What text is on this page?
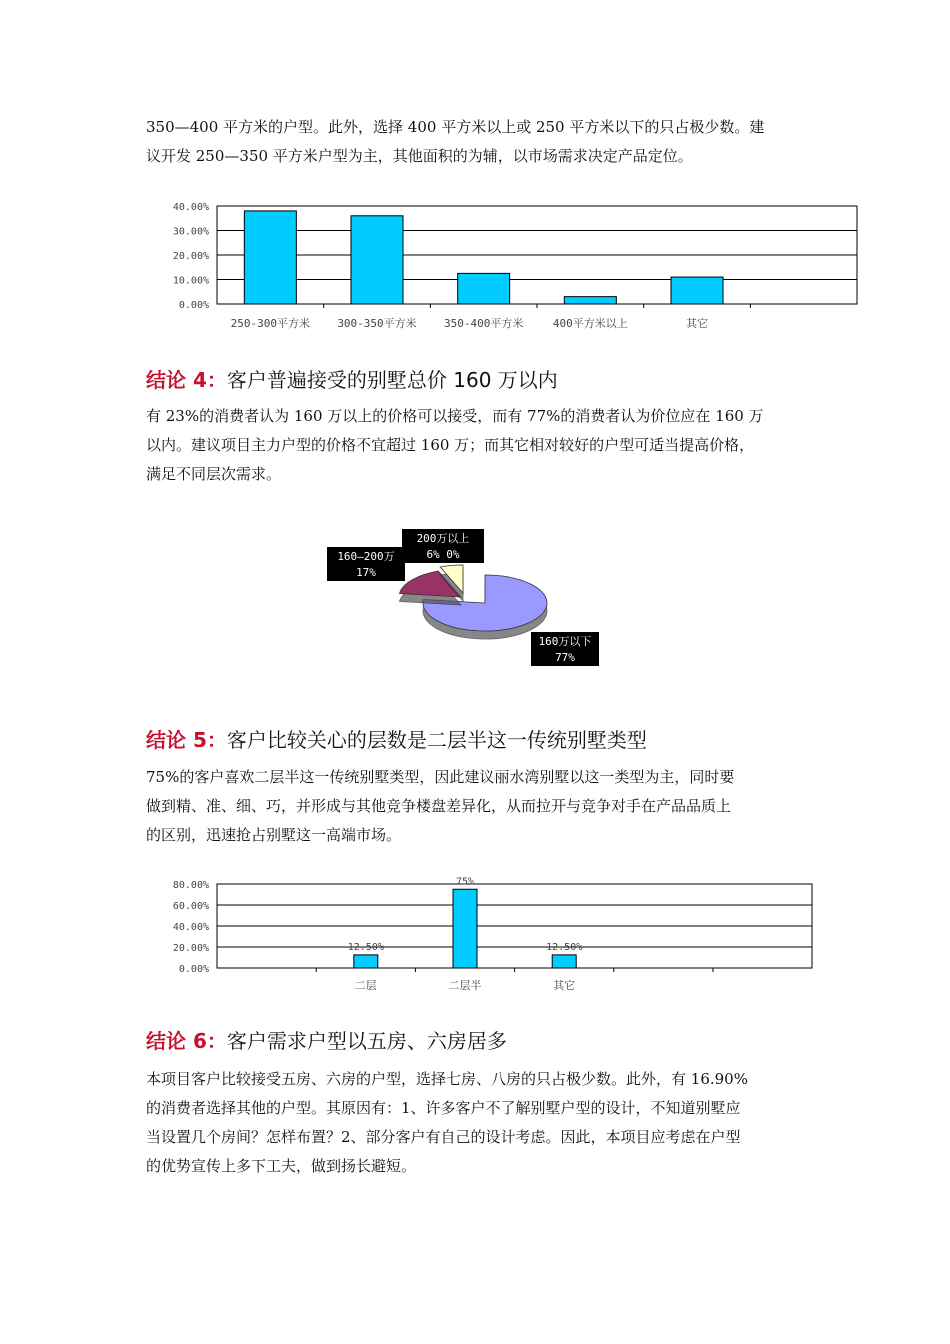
350—400 平方米的户型。此外，选择 400 平方米以上或 250 平方米以下的只占极少数。建
议开发 250—350 平方米户型为主，其他面积的为辅，以市场需求决定产品定位。

40.00%
30.00%
20.00%
10.00%
0.00%
250-300平方米 300-350平方米 350-400平方米	400平方米以上	其它
结论 4：客户普遍接受的别墅总价 160 万以内

有 23%的消费者认为 160 万以上的价格可以接受，而有 77%的消费者认为价位应在 160 万
以内。建议项目主力户型的价格不宜超过 160 万；而其它相对较好的户型可适当提高价格，
满足不同层次需求。

160万以下
77%
160—200万
17%
200万以上
6% 0%
结论 5：客户比较关心的层数是二层半这一传统别墅类型

75%的客户喜欢二层半这一传统别墅类型，因此建议丽水湾别墅以这一类型为主，同时要
做到精、准、细、巧，并形成与其他竞争楼盘差异化，从而拉开与竞争对手在产品品质上
的区别，迅速抢占别墅这一高端市场。

80.00%
60.00%
40.00%
20.00%
0.00%
二层
12.50%
二层半
75%
其它
12.50%
结论 6：客户需求户型以五房、六房居多

本项目客户比较接受五房、六房的户型，选择七房、八房的只占极少数。此外，有 16.90%
的消费者选择其他的户型。其原因有：1、许多客户不了解别墅户型的设计，不知道别墅应
当设置几个房间？怎样布置？2、部分客户有自己的设计考虑。因此，本项目应考虑在户型
的优势宣传上多下工夫，做到扬长避短。
